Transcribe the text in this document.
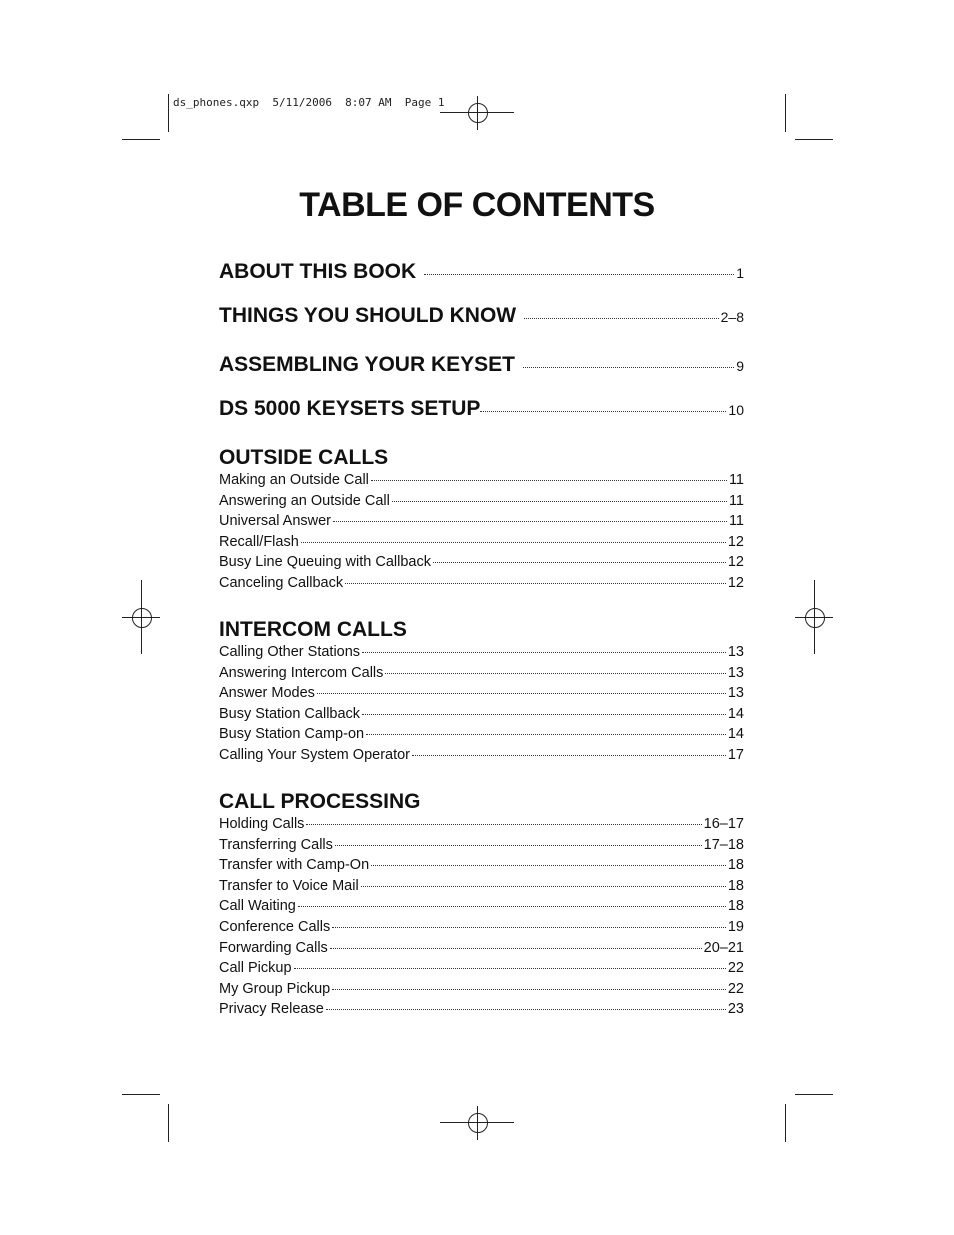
ds_phones.qxp  5/11/2006  8:07 AM  Page 1
TABLE OF CONTENTS
ABOUT THIS BOOK	1
THINGS YOU SHOULD KNOW	2–8
ASSEMBLING YOUR KEYSET	9
DS 5000 KEYSETS SETUP	10
OUTSIDE CALLS
Making an Outside Call	11
Answering an Outside Call	11
Universal Answer	11
Recall/Flash	12
Busy Line Queuing with Callback	12
Canceling Callback	12
INTERCOM CALLS
Calling Other Stations	13
Answering Intercom Calls	13
Answer Modes	13
Busy Station Callback	14
Busy Station Camp-on	14
Calling Your System Operator	17
CALL PROCESSING
Holding Calls	16–17
Transferring Calls	17–18
Transfer with Camp-On	18
Transfer to Voice Mail	18
Call Waiting	18
Conference Calls	19
Forwarding Calls	20–21
Call Pickup	22
My Group Pickup	22
Privacy Release	23
